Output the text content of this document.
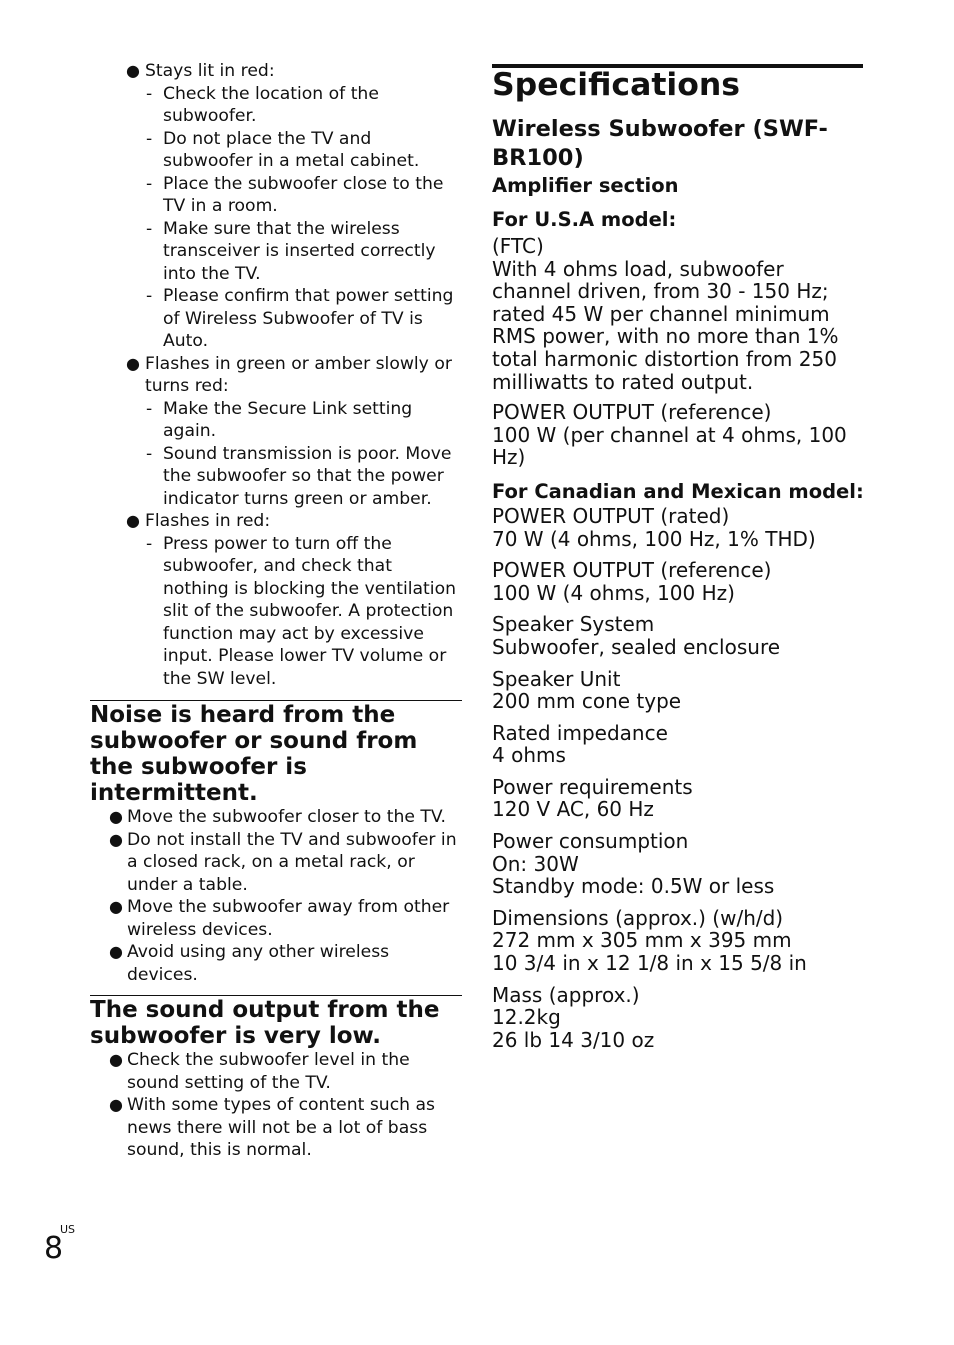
● Stays lit in red:
- Check the location of the subwoofer.
- Do not place the TV and subwoofer in a metal cabinet.
- Place the subwoofer close to the TV in a room.
- Make sure that the wireless transceiver is inserted correctly into the TV.
- Please confirm that power setting of Wireless Subwoofer of TV is Auto.
● Flashes in green or amber slowly or turns red:
- Make the Secure Link setting again.
- Sound transmission is poor. Move the subwoofer so that the power indicator turns green or amber.
● Flashes in red:
- Press power to turn off the subwoofer, and check that nothing is blocking the ventilation slit of the subwoofer. A protection function may act by excessive input. Please lower TV volume or the SW level.
Noise is heard from the subwoofer or sound from the subwoofer is intermittent.
● Move the subwoofer closer to the TV.
● Do not install the TV and subwoofer in a closed rack, on a metal rack, or under a table.
● Move the subwoofer away from other wireless devices.
● Avoid using any other wireless devices.
The sound output from the subwoofer is very low.
● Check the subwoofer level in the sound setting of the TV.
● With some types of content such as news there will not be a lot of bass sound, this is normal.
Specifications
Wireless Subwoofer (SWF-BR100)

Amplifier section

For U.S.A model:

(FTC)
With 4 ohms load, subwoofer channel driven, from 30 - 150 Hz; rated 45 W per channel minimum RMS power, with no more than 1% total harmonic distortion from 250 milliwatts to rated output.

POWER OUTPUT (reference)
100 W (per channel at 4 ohms, 100 Hz)

For Canadian and Mexican model:

POWER OUTPUT (rated)
70 W (4 ohms, 100 Hz, 1% THD)

POWER OUTPUT (reference)
100 W (4 ohms, 100 Hz)

Speaker System
Subwoofer, sealed enclosure

Speaker Unit
200 mm cone type

Rated impedance
4 ohms

Power requirements
120 V AC, 60 Hz

Power consumption
On: 30W
Standby mode: 0.5W or less

Dimensions (approx.) (w/h/d)
272 mm x 305 mm x 395 mm
10 3/4 in x 12 1/8 in x 15 5/8 in

Mass (approx.)
12.2kg
26 lb 14 3/10 oz

US
8
